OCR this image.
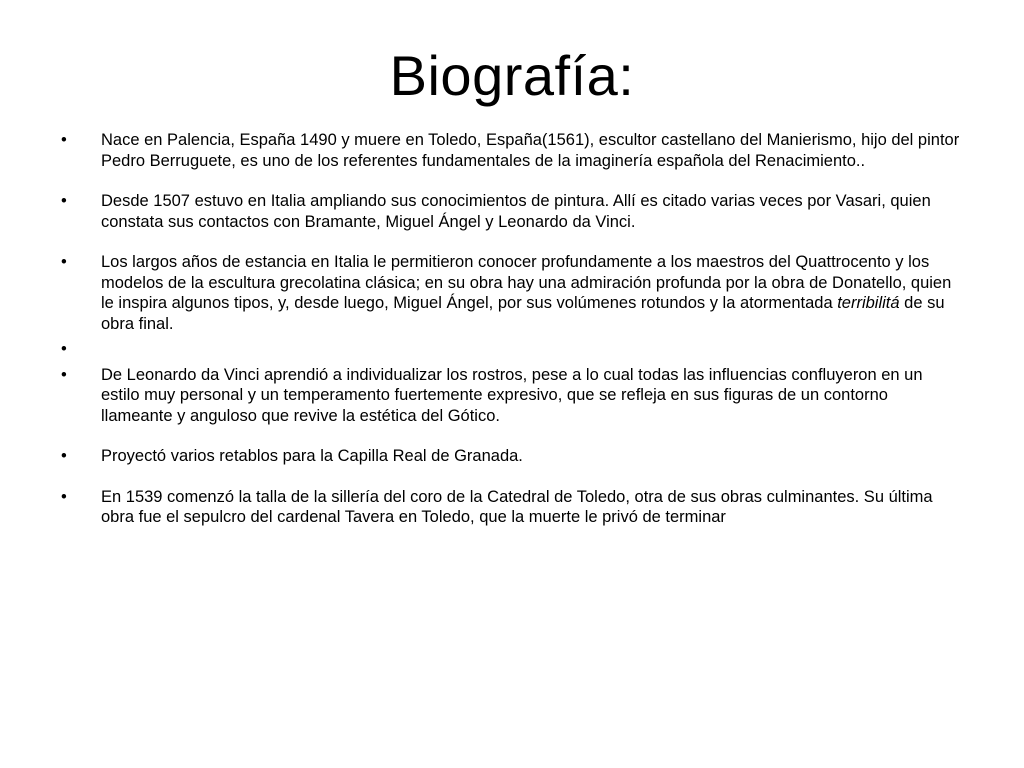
Biografía:
•	Nace en Palencia, España 1490 y muere en Toledo, España(1561), escultor castellano del Manierismo, hijo del pintor Pedro Berruguete, es uno de los referentes fundamentales de la imaginería española del Renacimiento..
•	Desde 1507 estuvo en Italia ampliando sus conocimientos de pintura. Allí es citado varias veces por Vasari, quien constata sus contactos con Bramante, Miguel Ángel y Leonardo da Vinci.
•	Los largos años de estancia en Italia le permitieron conocer profundamente a los maestros del Quattrocento y los modelos de la escultura grecolatina clásica; en su obra hay una admiración profunda por la obra de Donatello, quien le inspira algunos tipos, y, desde luego, Miguel Ángel, por sus volúmenes rotundos y la atormentada terribilitá de su obra final.
•
•	De Leonardo da Vinci aprendió a individualizar los rostros, pese a lo cual todas las influencias confluyeron en un estilo muy personal y un temperamento fuertemente expresivo, que se refleja en sus figuras de un contorno llameante y anguloso que revive la estética del Gótico.
•	Proyectó varios retablos para la Capilla Real de Granada.
•	En 1539 comenzó la talla de la sillería del coro de la Catedral de Toledo, otra de sus obras culminantes. Su última obra fue el sepulcro del cardenal Tavera en Toledo, que la muerte le privó de terminar
